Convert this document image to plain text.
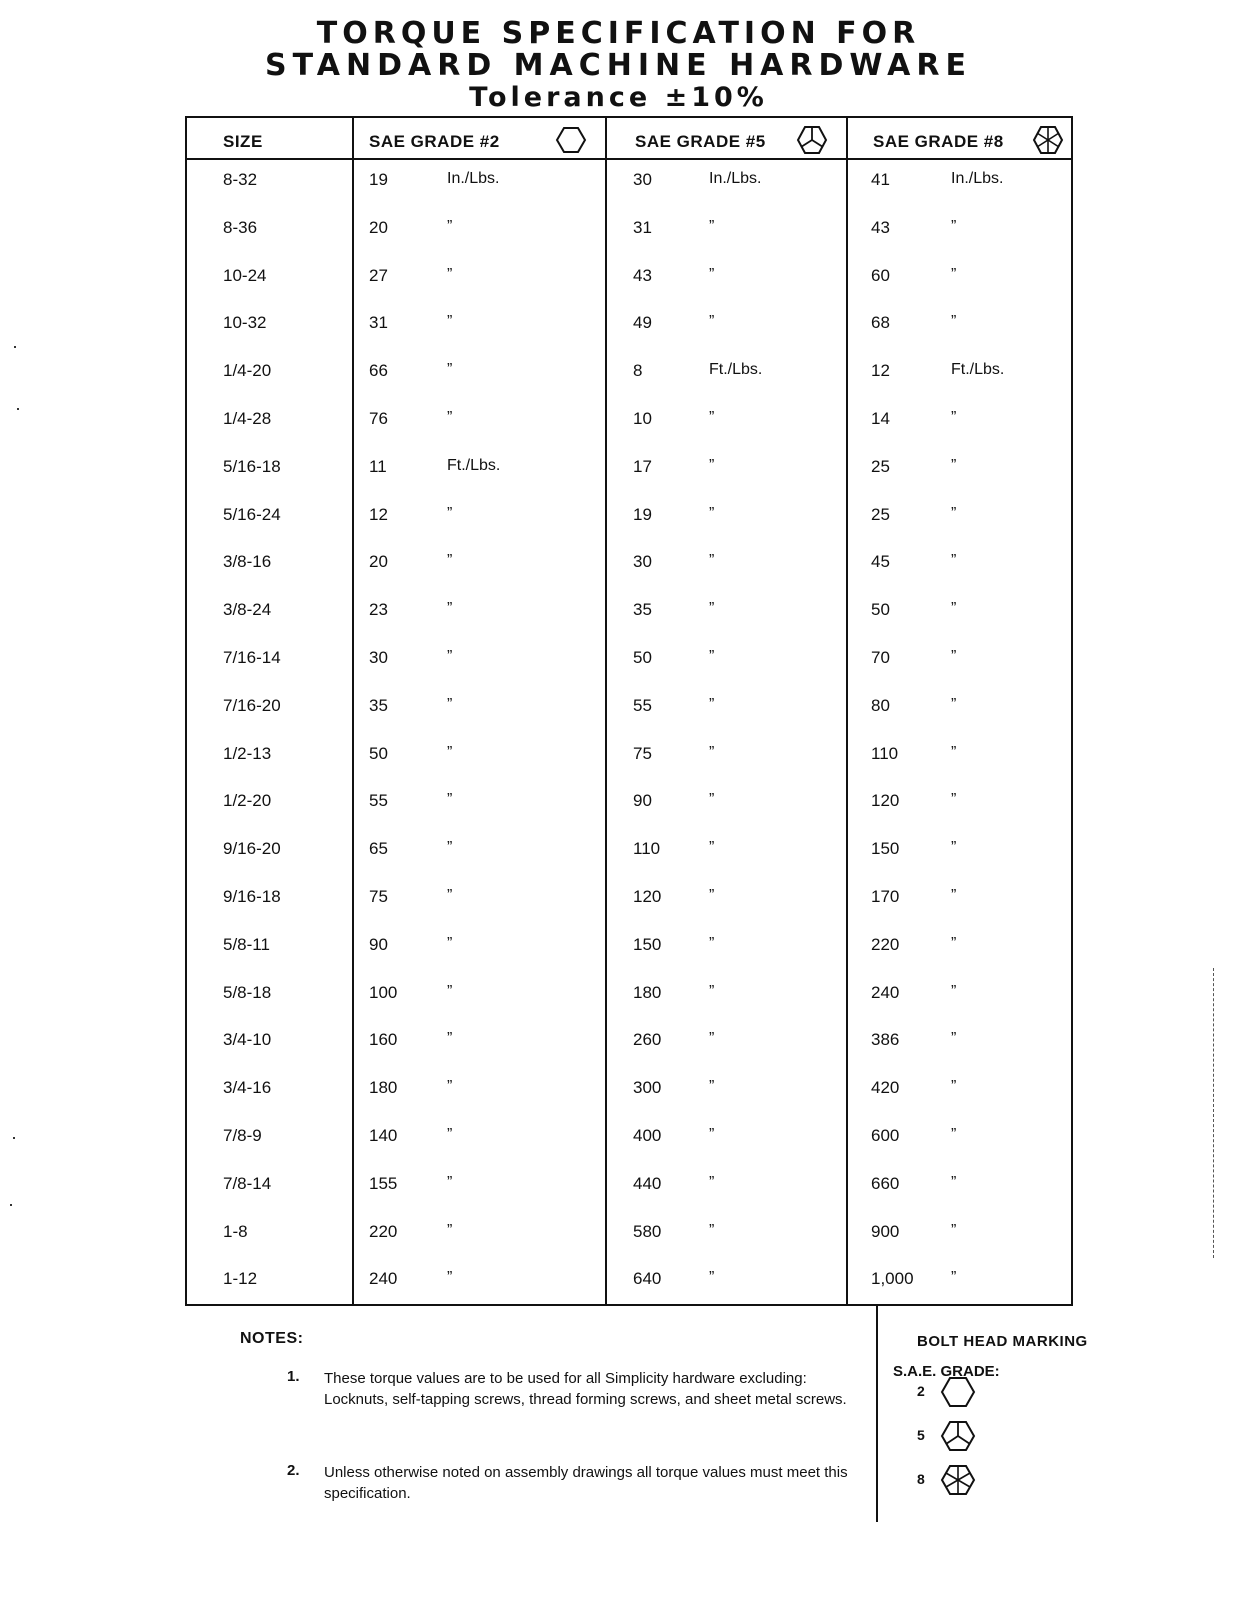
TORQUE SPECIFICATION FOR
STANDARD MACHINE HARDWARE
Tolerance ±10%
SIZE	SAE GRADE #2	SAE GRADE #5	SAE GRADE #8
8-32	19	In./Lbs.	30	In./Lbs.	41	In./Lbs.
8-36	20	”	31	”	43	”
10-24	27	”	43	”	60	”
10-32	31	”	49	”	68	”
1/4-20	66	”	8	Ft./Lbs.	12	Ft./Lbs.
1/4-28	76	”	10	”	14	”
5/16-18	11	Ft./Lbs.	17	”	25	”
5/16-24	12	”	19	”	25	”
3/8-16	20	”	30	”	45	”
3/8-24	23	”	35	”	50	”
7/16-14	30	”	50	”	70	”
7/16-20	35	”	55	”	80	”
1/2-13	50	”	75	”	110	”
1/2-20	55	”	90	”	120	”
9/16-20	65	”	110	”	150	”
9/16-18	75	”	120	”	170	”
5/8-11	90	”	150	”	220	”
5/8-18	100	”	180	”	240	”
3/4-10	160	”	260	”	386	”
3/4-16	180	”	300	”	420	”
7/8-9	140	”	400	”	600	”
7/8-14	155	”	440	”	660	”
1-8	220	”	580	”	900	”
1-12	240	”	640	”	1,000 ”
NOTES:
1. These torque values are to be used for all Simplicity hardware excluding: Locknuts, self-tapping screws, thread forming screws, and sheet metal screws.
2. Unless otherwise noted on assembly drawings all torque values must meet this specification.
BOLT HEAD MARKING
S.A.E. GRADE:
2
5
8
